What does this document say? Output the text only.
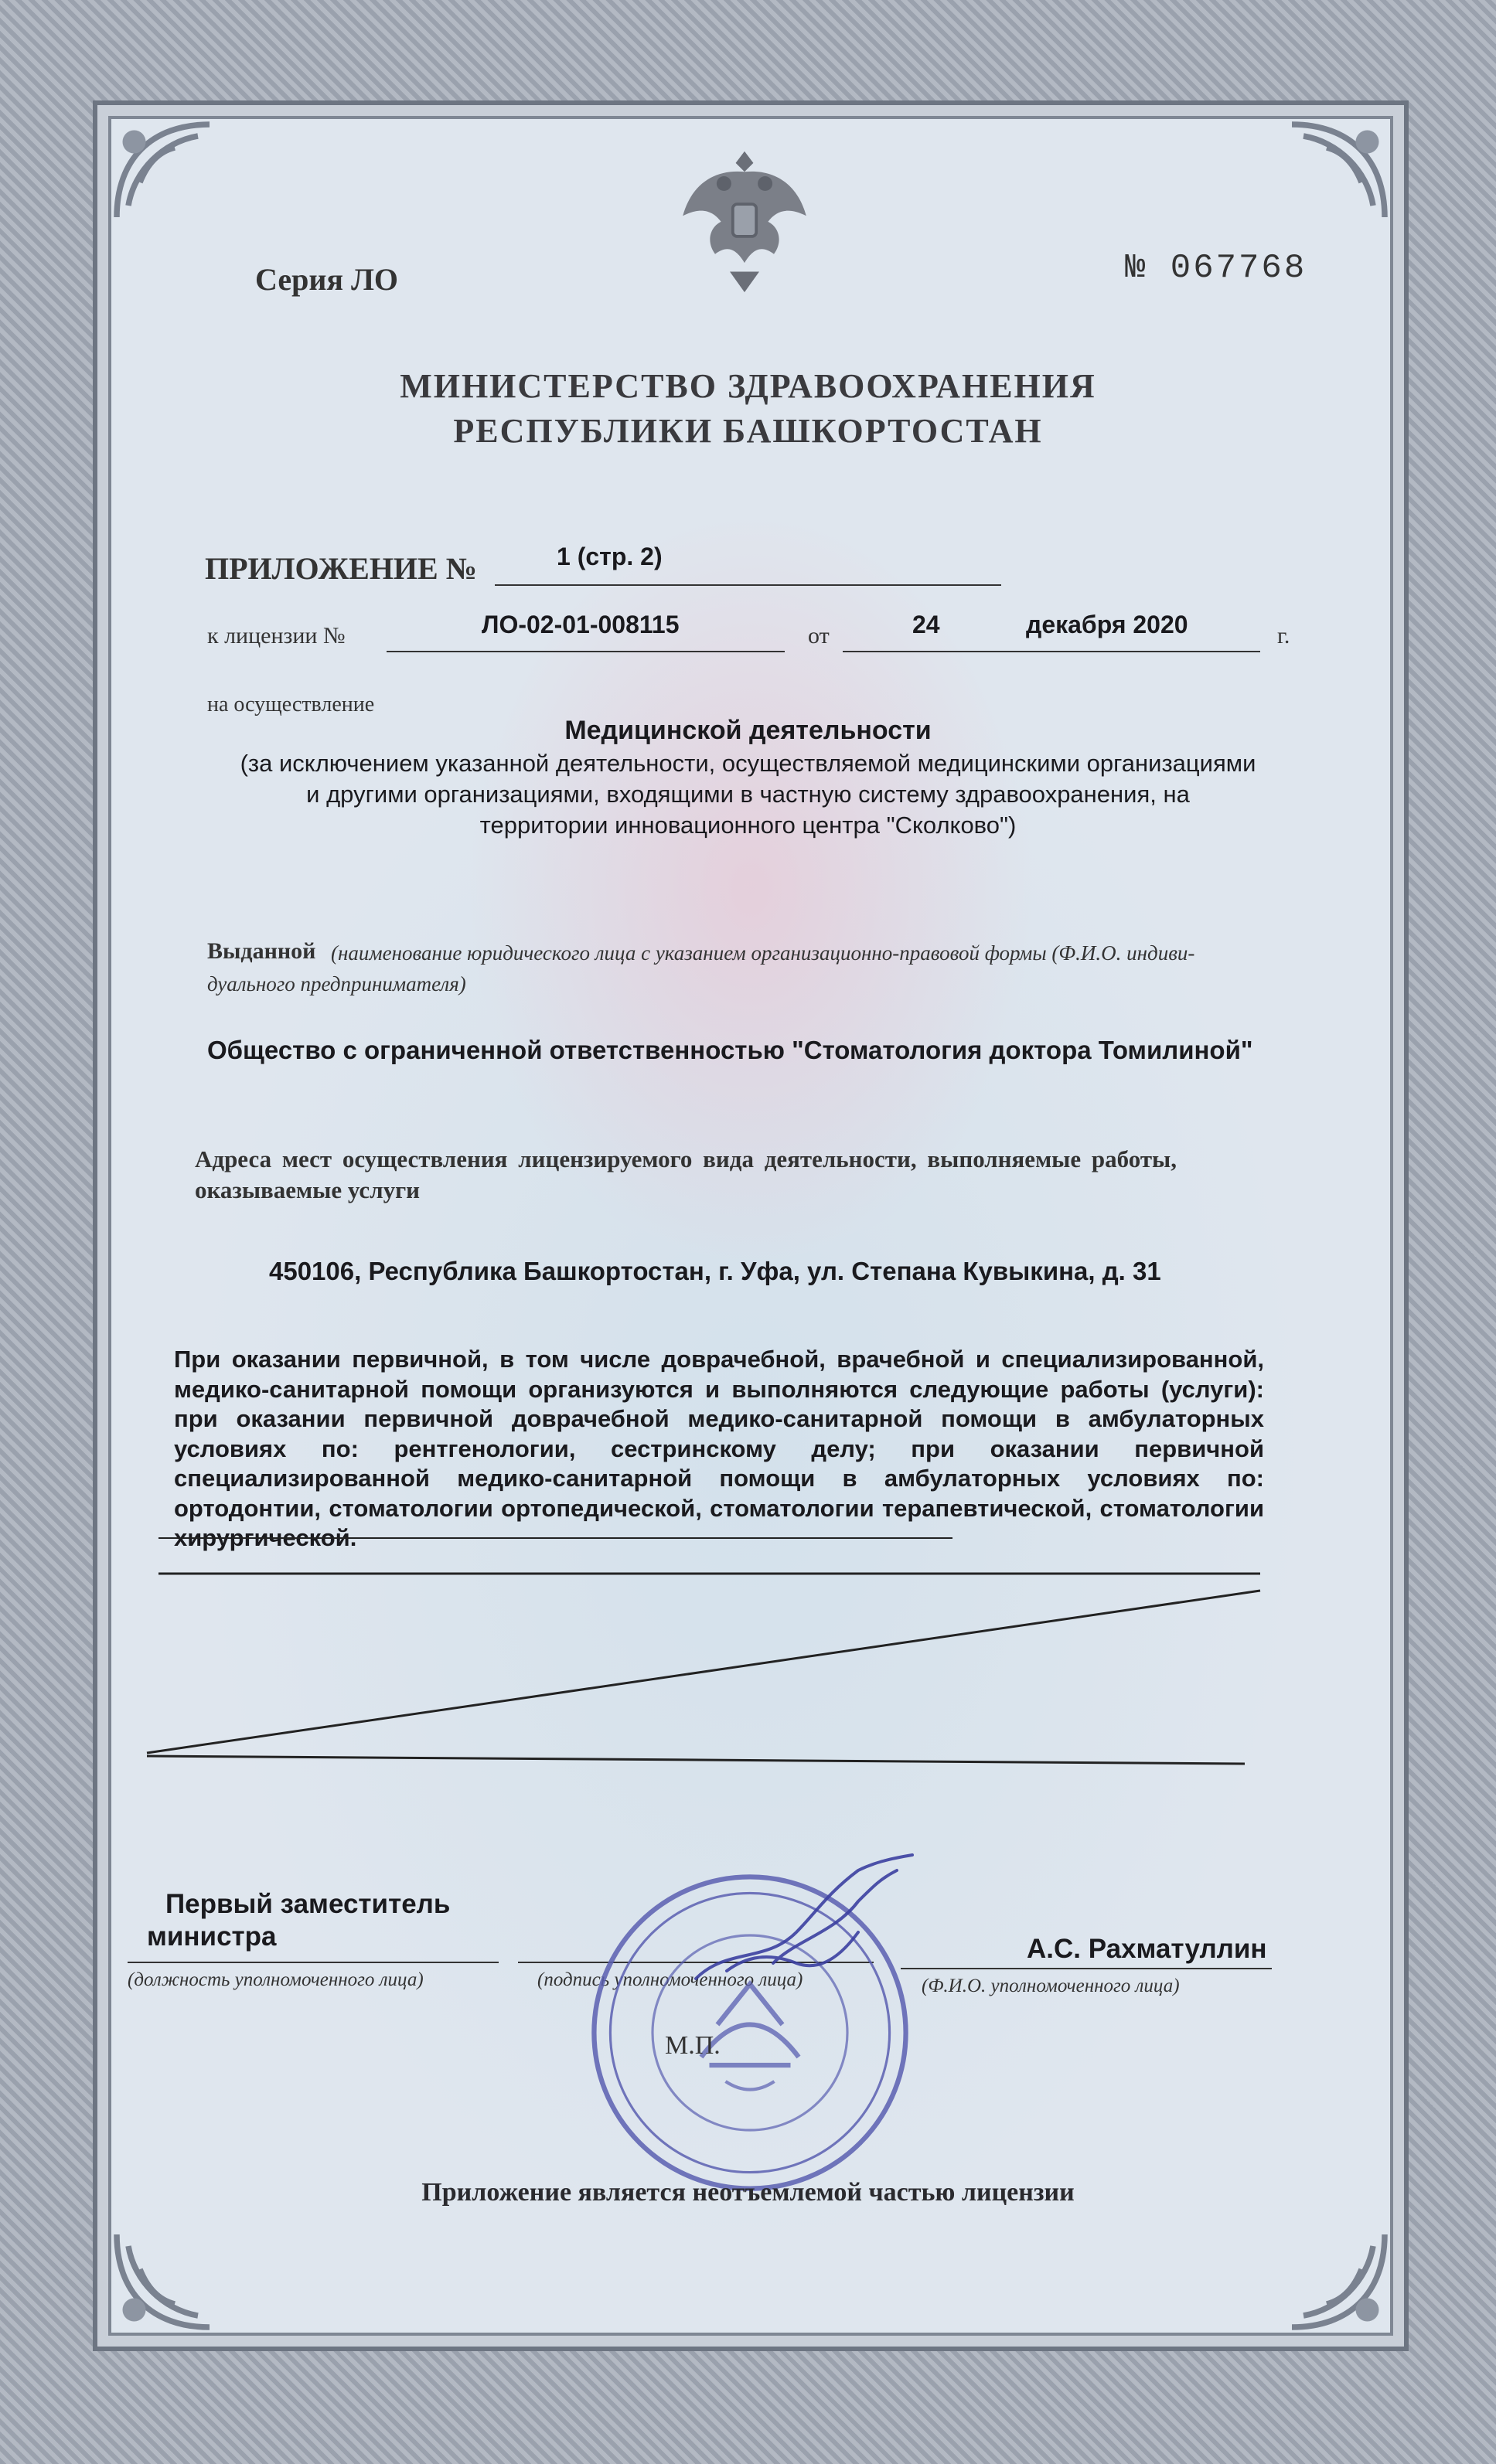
Серия ЛО	№ 067768
МИНИСТЕРСТВО ЗДРАВООХРАНЕНИЯ
РЕСПУБЛИКИ БАШКОРТОСТАН
ПРИЛОЖЕНИЕ №	1 (стр. 2)
к лицензии №	ЛО-02-01-008115	от	24	декабря 2020	г.
на осуществление
Медицинской деятельности
(за исключением указанной деятельности, осуществляемой медицинскими организациями
и другими организациями, входящими в частную систему здравоохранения, на
территории инновационного центра "Сколково")
Выданной (наименование юридического лица с указанием организационно-правовой формы (Ф.И.О. индиви-
дуального предпринимателя)
Общество с ограниченной ответственностью "Стоматология доктора Томилиной"
Адреса мест осуществления лицензируемого вида деятельности, выполняемые работы,
оказываемые услуги
450106, Республика Башкортостан, г. Уфа, ул. Степана Кувыкина, д. 31
При оказании первичной, в том числе доврачебной, врачебной и специализированной, медико-санитарной помощи организуются и выполняются следующие работы (услуги): при оказании первичной доврачебной медико-санитарной помощи в амбулаторных условиях по: рентгенологии, сестринскому делу; при оказании первичной специализированной медико-санитарной помощи в амбулаторных условиях по: ортодонтии, стоматологии ортопедической, стоматологии терапевтической, стоматологии хирургической.
Первый заместитель
министра
(должность уполномоченного лица)	(подпись уполномоченного лица)
А.С. Рахматуллин
(Ф.И.О. уполномоченного лица)
М.П.
Приложение является неотъемлемой частью лицензии
